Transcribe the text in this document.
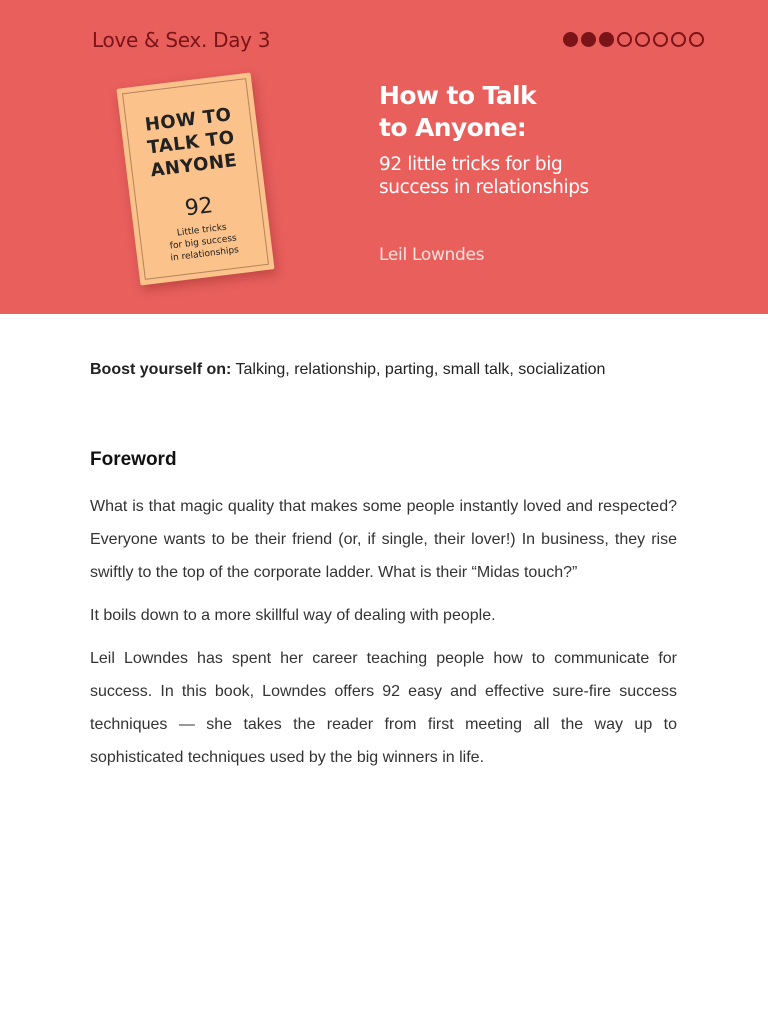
Love & Sex. Day 3
HOW TO
TALK TO
ANYONE
92
Little tricks
for big success
in relationships
How to Talk
to Anyone:
92 little tricks for big
success in relationships
Leil Lowndes
Boost yourself on: Talking, relationship, parting, small talk, socialization
Foreword

What is that magic quality that makes some people instantly loved and respected? Everyone wants to be their friend (or, if single, their lover!) In business, they rise swiftly to the top of the corporate ladder. What is their “Midas touch?”

It boils down to a more skillful way of dealing with people.

Leil Lowndes has spent her career teaching people how to communicate for success. In this book, Lowndes offers 92 easy and effective sure-fire success techniques — she takes the reader from first meeting all the way up to sophisticated techniques used by the big winners in life.
